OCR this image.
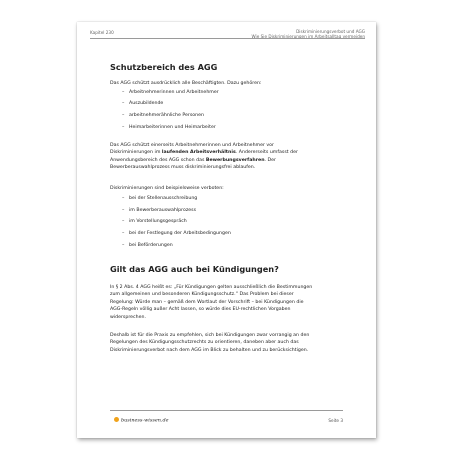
Kapitel 230	Diskriminierungsverbot und AGG
Wie Sie Diskriminierungen im Arbeitsalltag vermeiden
Schutzbereich des AGG
Das AGG schützt ausdrücklich alle Beschäftigten. Dazu gehören:
– Arbeitnehmerinnen und Arbeitnehmer
– Auszubildende
– arbeitnehmerähnliche Personen
– Heimarbeiterinnen und Heimarbeiter
Das AGG schützt einerseits Arbeitnehmerinnen und Arbeitnehmer vor
Diskriminierungen im laufenden Arbeitsverhältnis. Andererseits umfasst der
Anwendungsbereich des AGG schon das Bewerbungsverfahren. Der
Bewerberauswahlprozess muss diskriminierungsfrei ablaufen.
Diskriminierungen sind beispielsweise verboten:
– bei der Stellenausschreibung
– im Bewerberauswahlprozess
– im Vorstellungsgespräch
– bei der Festlegung der Arbeitsbedingungen
– bei Beförderungen
Gilt das AGG auch bei Kündigungen?
In § 2 Abs. 4 AGG heißt es: „Für Kündigungen gelten ausschließlich die Bestimmungen
zum allgemeinen und besonderen Kündigungsschutz.“ Das Problem bei dieser
Regelung: Würde man – gemäß dem Wortlaut der Vorschrift – bei Kündigungen die
AGG-Regeln völlig außer Acht lassen, so würde dies EU-rechtlichen Vorgaben
widersprechen.
Deshalb ist für die Praxis zu empfehlen, sich bei Kündigungen zwar vorrangig an den
Regelungen des Kündigungsschutzrechts zu orientieren, daneben aber auch das
Diskriminierungsverbot nach dem AGG im Blick zu behalten und zu berücksichtigen.
business-wissen.de	Seite 3
